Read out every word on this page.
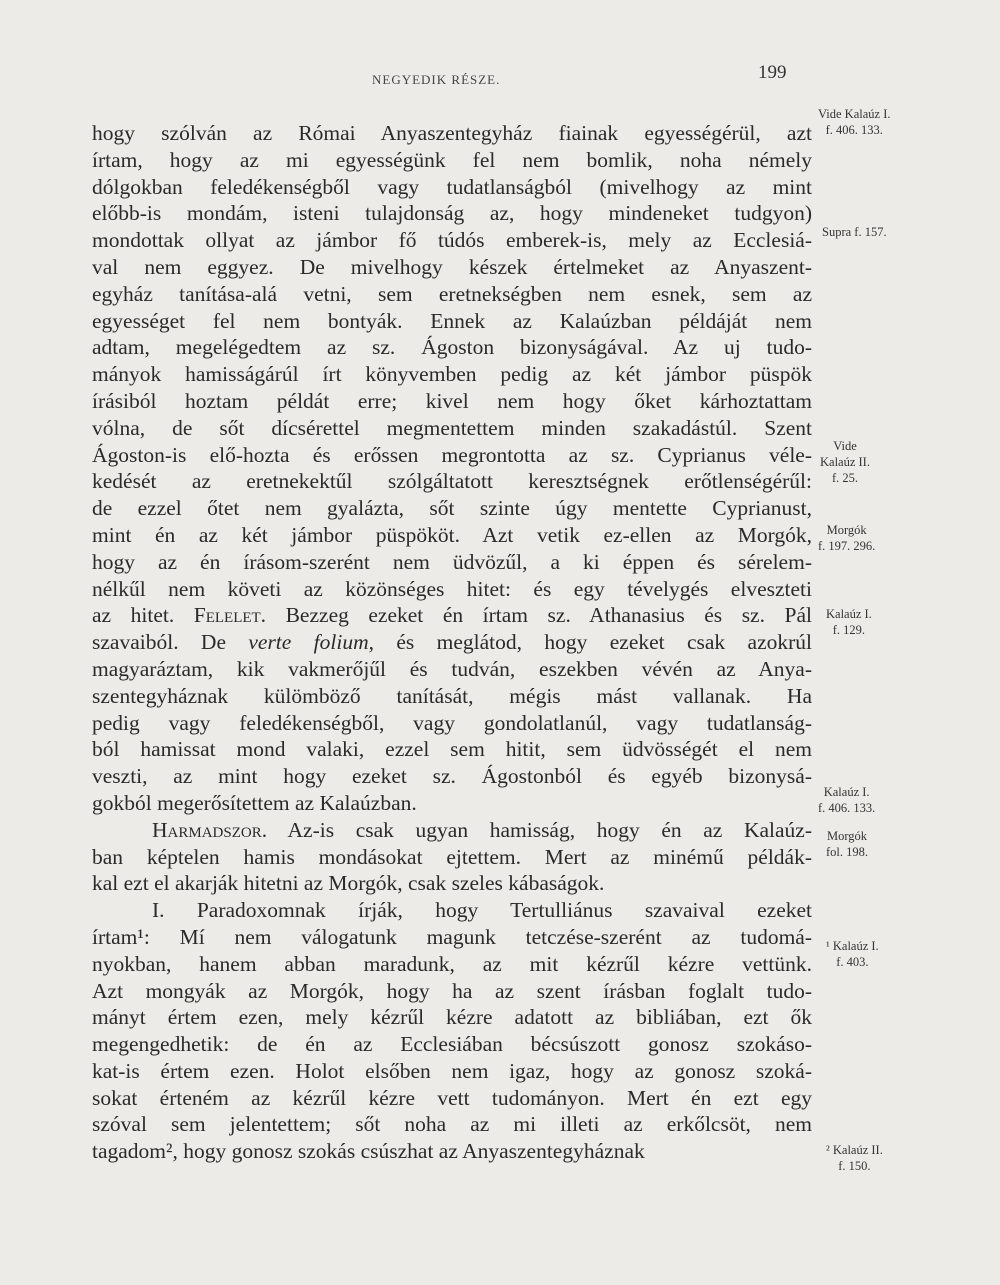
NEGYEDIK RÉSZE.	199
hogy szólván az Római Anyaszentegyház fiainak egyességérül, azt
írtam, hogy az mi egyességünk fel nem bomlik, noha némely
dólgokban feledékenségből vagy tudatlanságból (mivelhogy az mint
előbb-is mondám, isteni tulajdonság az, hogy mindeneket tudgyon)
mondottak ollyat az jámbor fő túdós emberek-is, mely az Ecclesiá-
val nem eggyez. De mivelhogy készek értelmeket az Anyaszent-
egyház tanítása-alá vetni, sem eretnekségben nem esnek, sem az
egyességet fel nem bontyák. Ennek az Kalaúzban példáját nem
adtam, megelégedtem az sz. Ágoston bizonyságával. Az uj tudo-
mányok hamisságárúl írt könyvemben pedig az két jámbor püspök
írásiból hoztam példát erre; kivel nem hogy őket kárhoztattam
vólna, de sőt dícsérettel megmentettem minden szakadástúl. Szent
Ágoston-is elő-hozta és erőssen megrontotta az sz. Cyprianus véle-
kedését az eretnekektűl szólgáltatott keresztségnek erőtlenségérűl:
de ezzel őtet nem gyalázta, sőt szinte úgy mentette Cyprianust,
mint én az két jámbor püspököt. Azt vetik ez-ellen az Morgók,
hogy az én írásom-szerént nem üdvözűl, a ki éppen és sérelem-
nélkűl nem követi az közönséges hitet: és egy tévelygés elveszteti
az hitet. Felelet. Bezzeg ezeket én írtam sz. Athanasius és sz. Pál
szavaiból. De verte folium, és meglátod, hogy ezeket csak azokrúl
magyaráztam, kik vakmerőjűl és tudván, eszekben vévén az Anya-
szentegyháznak külömböző tanítását, mégis mást vallanak. Ha
pedig vagy feledékenségből, vagy gondolatlanúl, vagy tudatlanság-
ból hamissat mond valaki, ezzel sem hitit, sem üdvösségét el nem
veszti, az mint hogy ezeket sz. Ágostonból és egyéb bizonysá-
gokból megerősítettem az Kalaúzban.
Harmadszor. Az-is csak ugyan hamisság, hogy én az Kalaúz-
ban képtelen hamis mondásokat ejtettem. Mert az minémű példák-
kal ezt el akarják hitetni az Morgók, csak szeles kábaságok.
I. Paradoxomnak írják, hogy Tertulliánus szavaival ezeket
írtam¹: Mí nem válogatunk magunk tetczése-szerént az tudomá-
nyokban, hanem abban maradunk, az mit kézrűl kézre vettünk.
Azt mongyák az Morgók, hogy ha az szent írásban foglalt tudo-
mányt értem ezen, mely kézrűl kézre adatott az bibliában, ezt ők
megengedhetik: de én az Ecclesiában bécsúszott gonosz szokáso-
kat-is értem ezen. Holot elsőben nem igaz, hogy az gonosz szoká-
sokat érteném az kézrűl kézre vett tudományon. Mert én ezt egy
szóval sem jelentettem; sőt noha az mi illeti az erkőlcsöt, nem
tagadom², hogy gonosz szokás csúszhat az Anyaszentegyháznak
Vide Kalaúz I.
f. 406. 133.
Supra f. 157.
Vide
Kalaúz II.
f. 25.
Morgók
f. 197. 296.
Kalaúz I.
f. 129.
Kalaúz I.
f. 406. 133.
Morgók
fol. 198.
¹ Kalaúz I.
f. 403.
² Kalaúz II.
f. 150.
